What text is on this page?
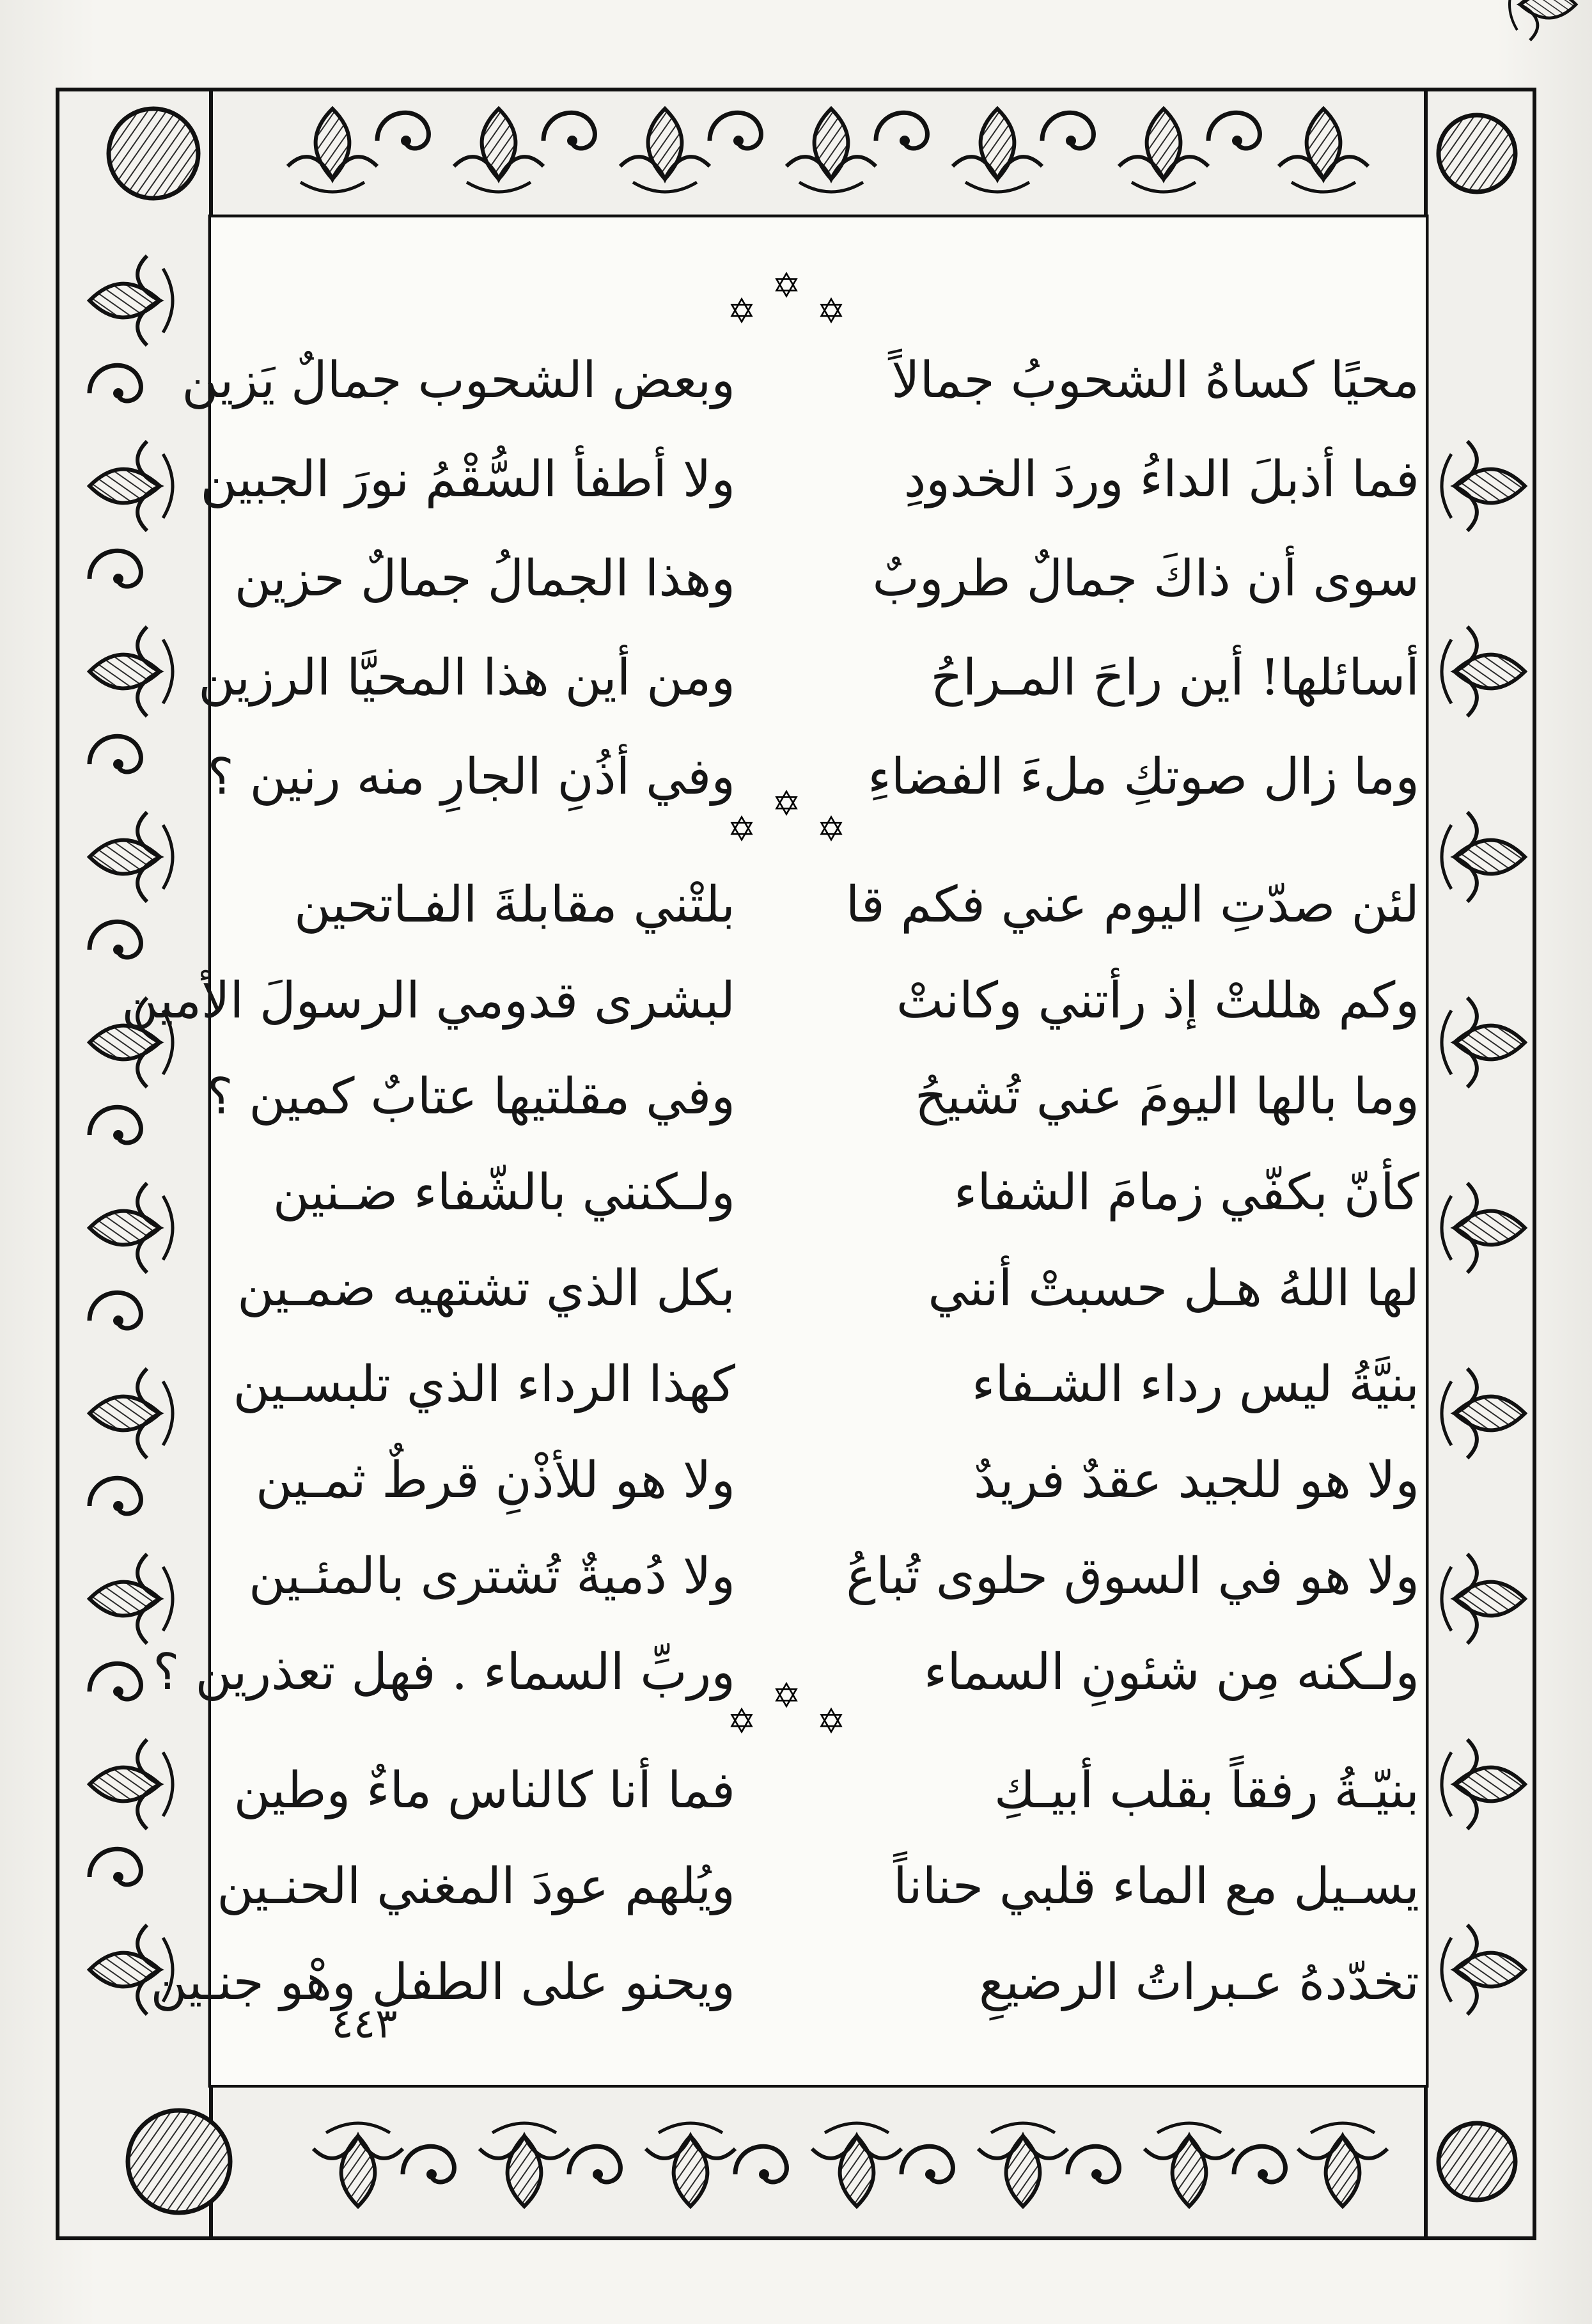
✡
✡
✡
محيًا كساهُ الشحوبُ جمالاً
وبعض الشحوب جمالٌ يَزين
فما أذبلَ الداءُ وردَ الخدودِ
ولا أطفأ السُّقْمُ نورَ الجبين
سوى أن ذاكَ جمالٌ طروبٌ
وهذا الجمالُ جمالٌ حزين
أسائلها! أين راحَ المـراحُ
ومن أين هذا المحيَّا الرزين
وما زال صوتكِ ملءَ الفضاءِ
وفي أذُنِ الجارِ منه رنين ؟
✡
✡
✡
لئن صدّتِ اليوم عني فكم قا
بلتْني مقابلةَ الفـاتحين
وكم هللتْ إذ رأتني وكانتْ
لبشرى قدومي الرسولَ الأمين
وما بالها اليومَ عني تُشيحُ
وفي مقلتيها عتابٌ كمين ؟
كأنّ بكفّي زمامَ الشفاء
ولـكنني بالشّفاء ضـنين
لها اللهُ هـل حسبتْ أنني
بكل الذي تشتهيه ضمـين
بنيَّةُ ليس رداء الشـفاء
كهذا الرداء الذي تلبسـين
ولا هو للجيد عقدٌ فريدٌ
ولا هو للأذْنِ قرطٌ ثمـين
ولا هو في السوق حلوى تُباعُ
ولا دُميةٌ تُشترى بالمئـين
ولـكنه مِن شئونِ السماء
وربِّ السماء . فهل تعذرين ؟
✡
✡
✡
بنيّـةُ رفقاً بقلب أبيـكِ
فما أنا كالناس ماءٌ وطين
يسـيل مع الماء قلبي حناناً
ويُلهم عودَ المغني الحنـين
تخدّدهُ عـبراتُ الرضيعِ
ويحنو على الطفل وهْو جنـين
٤٤٣
